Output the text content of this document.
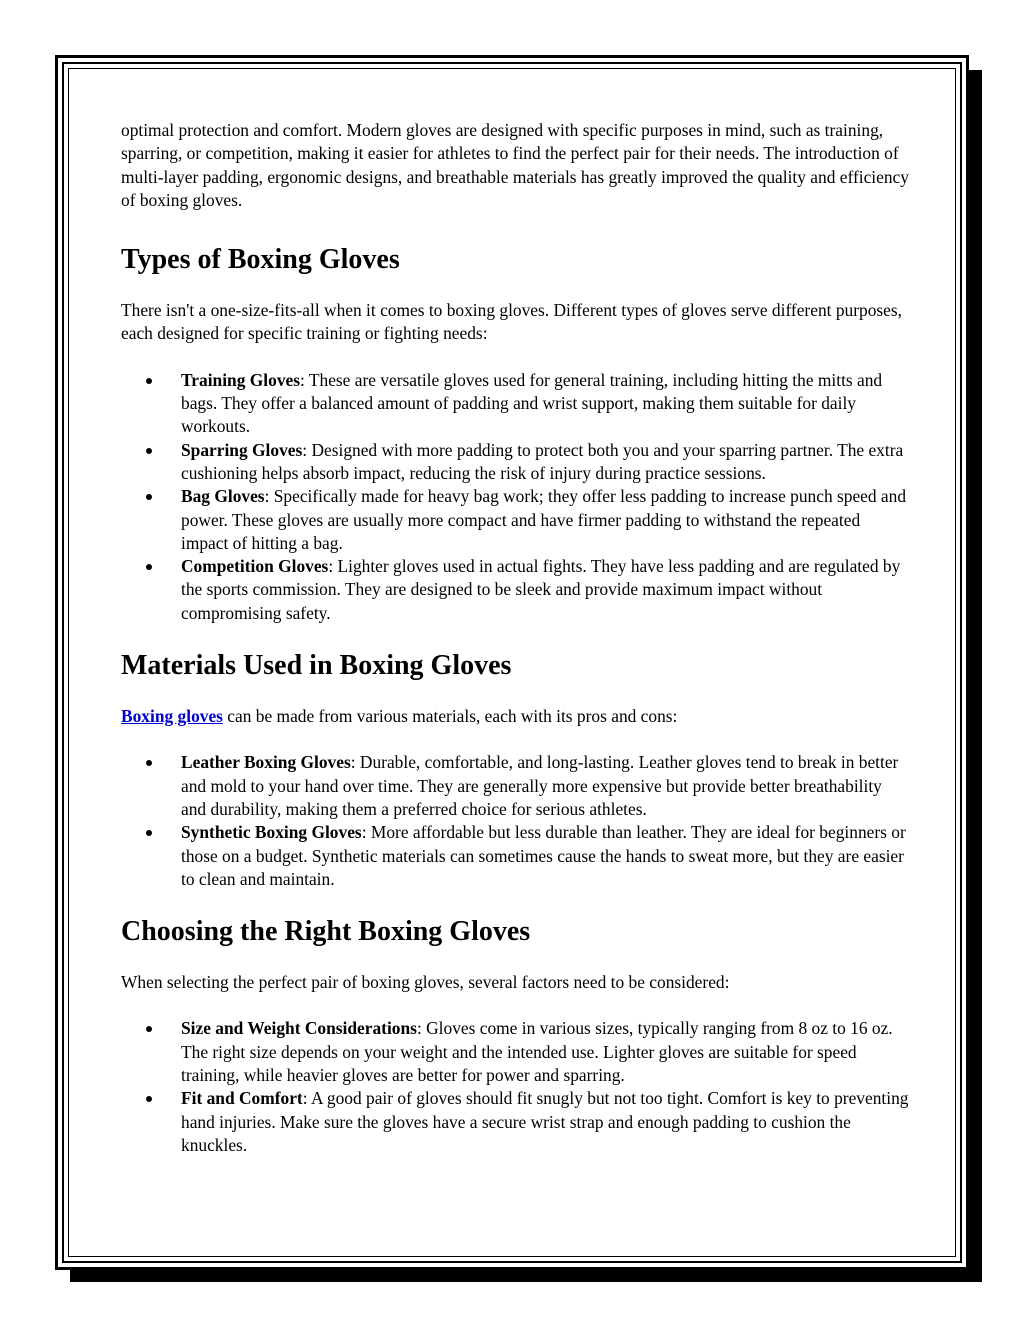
optimal protection and comfort. Modern gloves are designed with specific purposes in mind, such as training, sparring, or competition, making it easier for athletes to find the perfect pair for their needs. The introduction of multi-layer padding, ergonomic designs, and breathable materials has greatly improved the quality and efficiency of boxing gloves.

Types of Boxing Gloves

There isn't a one-size-fits-all when it comes to boxing gloves. Different types of gloves serve different purposes, each designed for specific training or fighting needs:

Training Gloves: These are versatile gloves used for general training, including hitting the mitts and bags. They offer a balanced amount of padding and wrist support, making them suitable for daily workouts.
Sparring Gloves: Designed with more padding to protect both you and your sparring partner. The extra cushioning helps absorb impact, reducing the risk of injury during practice sessions.
Bag Gloves: Specifically made for heavy bag work; they offer less padding to increase punch speed and power. These gloves are usually more compact and have firmer padding to withstand the repeated impact of hitting a bag.
Competition Gloves: Lighter gloves used in actual fights. They have less padding and are regulated by the sports commission. They are designed to be sleek and provide maximum impact without compromising safety.
Materials Used in Boxing Gloves

Boxing gloves can be made from various materials, each with its pros and cons:

Leather Boxing Gloves: Durable, comfortable, and long-lasting. Leather gloves tend to break in better and mold to your hand over time. They are generally more expensive but provide better breathability and durability, making them a preferred choice for serious athletes.
Synthetic Boxing Gloves: More affordable but less durable than leather. They are ideal for beginners or those on a budget. Synthetic materials can sometimes cause the hands to sweat more, but they are easier to clean and maintain.
Choosing the Right Boxing Gloves

When selecting the perfect pair of boxing gloves, several factors need to be considered:

Size and Weight Considerations: Gloves come in various sizes, typically ranging from 8 oz to 16 oz. The right size depends on your weight and the intended use. Lighter gloves are suitable for speed training, while heavier gloves are better for power and sparring.
Fit and Comfort: A good pair of gloves should fit snugly but not too tight. Comfort is key to preventing hand injuries. Make sure the gloves have a secure wrist strap and enough padding to cushion the knuckles.
